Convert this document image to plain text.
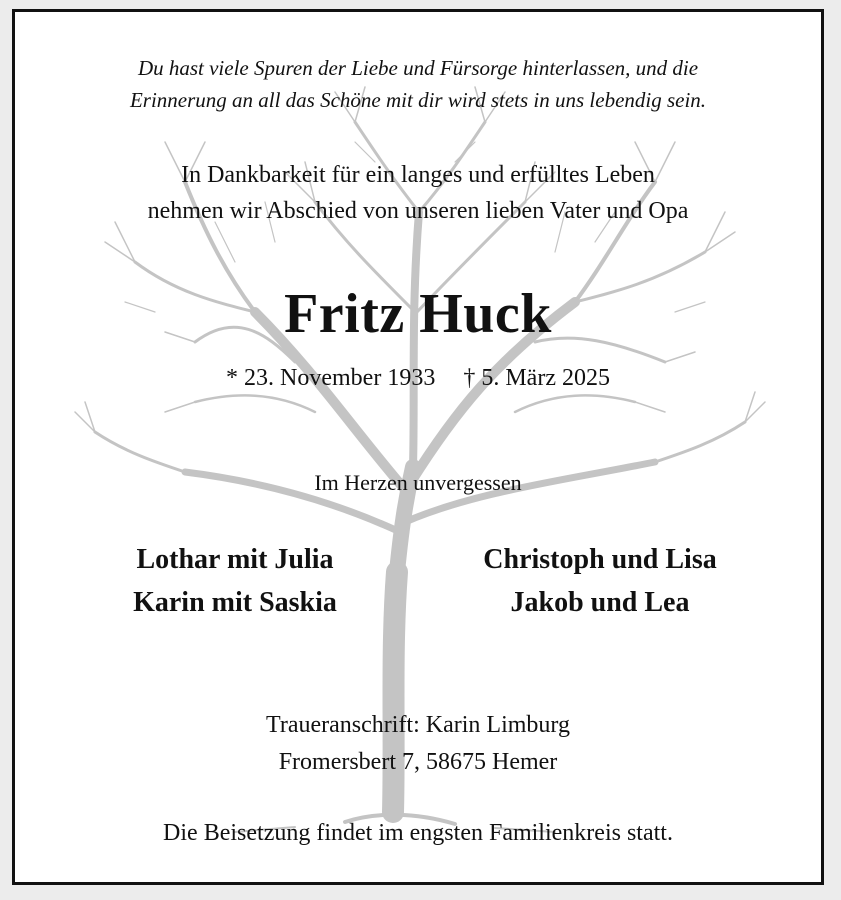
Du hast viele Spuren der Liebe und Fürsorge hinterlassen, und die
Erinnerung an all das Schöne mit dir wird stets in uns lebendig sein.
In Dankbarkeit für ein langes und erfülltes Leben
nehmen wir Abschied von unseren lieben Vater und Opa
Fritz Huck
* 23. November 1933 † 5. März 2025
Im Herzen unvergessen
Lothar mit Julia
Karin mit Saskia
Christoph und Lisa
Jakob und Lea
Traueranschrift: Karin Limburg
Fromersbert 7, 58675 Hemer
Die Beisetzung findet im engsten Familienkreis statt.
